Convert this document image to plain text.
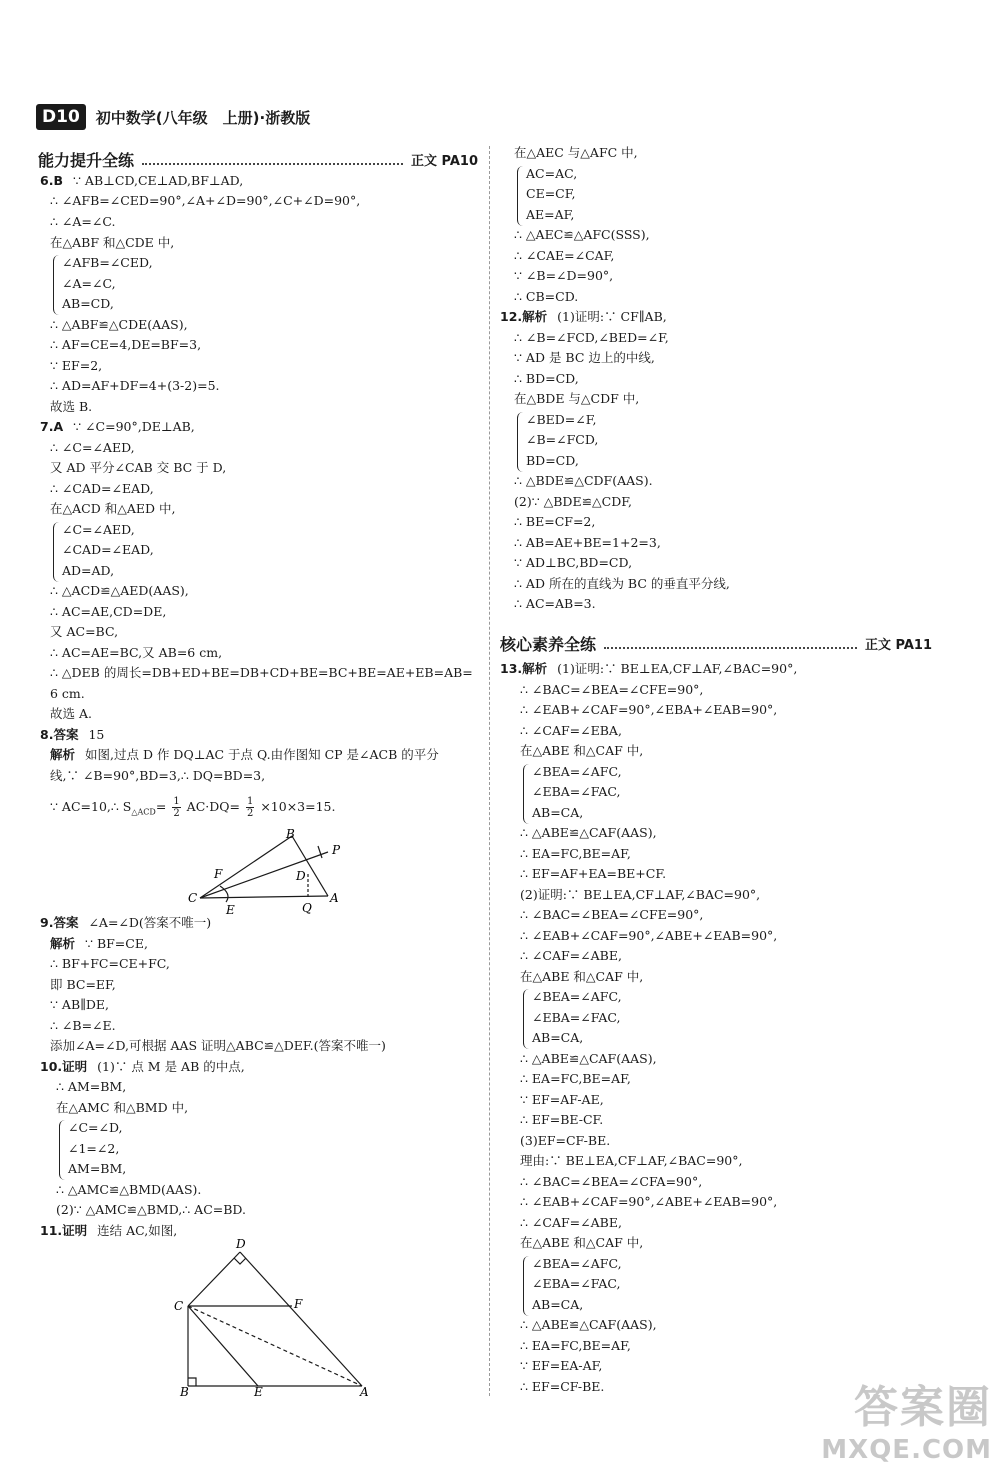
D10	初中数学(八年级　上册)·浙教版
能力提升全练	正文 PA10
核心素养全练	正文 PA11
6.B ∵ AB⊥CD,CE⊥AD,BF⊥AD,
∴ ∠AFB=∠CED=90°,∠A+∠D=90°,∠C+∠D=90°,
∴ ∠A=∠C.
在△ABF 和△CDE 中,
∠AFB=∠CED,
∠A=∠C,
AB=CD,
∴ △ABF≌△CDE(AAS),
∴ AF=CE=4,DE=BF=3,
∵ EF=2,
∴ AD=AF+DF=4+(3-2)=5.
故选 B.
7.A ∵ ∠C=90°,DE⊥AB,
∴ ∠C=∠AED,
又 AD 平分∠CAB 交 BC 于 D,
∴ ∠CAD=∠EAD,
在△ACD 和△AED 中,
∠C=∠AED,
∠CAD=∠EAD,
AD=AD,
∴ △ACD≌△AED(AAS),
∴ AC=AE,CD=DE,
又 AC=BC,
∴ AC=AE=BC,又 AB=6 cm,
∴ △DEB 的周长=DB+ED+BE=DB+CD+BE=BC+BE=AE+EB=AB=
6 cm.
故选 A.
8.答案 15
解析 如图,过点 D 作 DQ⊥AC 于点 Q.由作图知 CP 是∠ACB 的平分
线,∵ ∠B=90°,BD=3,∴ DQ=BD=3,
9.答案 ∠A=∠D(答案不唯一)
解析 ∵ BF=CE,
∴ BF+FC=CE+FC,
即 BC=EF,
∵ AB∥DE,
∴ ∠B=∠E.
添加∠A=∠D,可根据 AAS 证明△ABC≌△DEF.(答案不唯一)
10.证明 (1)∵ 点 M 是 AB 的中点,
∴ AM=BM,
在△AMC 和△BMD 中,
∠C=∠D,
∠1=∠2,
AM=BM,
∴ △AMC≌△BMD(AAS).
(2)∵ △AMC≌△BMD,∴ AC=BD.
11.证明 连结 AC,如图,
在△AEC 与△AFC 中,
AC=AC,
CE=CF,
AE=AF,
∴ △AEC≌△AFC(SSS),
∴ ∠CAE=∠CAF,
∵ ∠B=∠D=90°,
∴ CB=CD.
12.解析 (1)证明:∵ CF∥AB,
∴ ∠B=∠FCD,∠BED=∠F,
∵ AD 是 BC 边上的中线,
∴ BD=CD,
在△BDE 与△CDF 中,
∠BED=∠F,
∠B=∠FCD,
BD=CD,
∴ △BDE≌△CDF(AAS).
(2)∵ △BDE≌△CDF,
∴ BE=CF=2,
∴ AB=AE+BE=1+2=3,
∵ AD⊥BC,BD=CD,
∴ AD 所在的直线为 BC 的垂直平分线,
∴ AC=AB=3.
13.解析 (1)证明:∵ BE⊥EA,CF⊥AF,∠BAC=90°,
∴ ∠BAC=∠BEA=∠CFE=90°,
∴ ∠EAB+∠CAF=90°,∠EBA+∠EAB=90°,
∴ ∠CAF=∠EBA,
在△ABE 和△CAF 中,
∠BEA=∠AFC,
∠EBA=∠FAC,
AB=CA,
∴ △ABE≌△CAF(AAS),
∴ EA=FC,BE=AF,
∴ EF=AF+EA=BE+CF.
(2)证明:∵ BE⊥EA,CF⊥AF,∠BAC=90°,
∴ ∠BAC=∠BEA=∠CFE=90°,
∴ ∠EAB+∠CAF=90°,∠ABE+∠EAB=90°,
∴ ∠CAF=∠ABE,
在△ABE 和△CAF 中,
∠BEA=∠AFC,
∠EBA=∠FAC,
AB=CA,
∴ △ABE≌△CAF(AAS),
∴ EA=FC,BE=AF,
∵ EF=AF-AE,
∴ EF=BE-CF.
(3)EF=CF-BE.
理由:∵ BE⊥EA,CF⊥AF,∠BAC=90°,
∴ ∠BAC=∠BEA=∠CFA=90°,
∴ ∠EAB+∠CAF=90°,∠ABE+∠EAB=90°,
∴ ∠CAF=∠ABE,
在△ABE 和△CAF 中,
∠BEA=∠AFC,
∠EBA=∠FAC,
AB=CA,
∴ △ABE≌△CAF(AAS),
∴ EA=FC,BE=AF,
∵ EF=EA-AF,
∴ EF=CF-BE.
∵ AC=10,∴ $S_{\triangle ACD}= \frac{1}{2} AC\cdot DQ= \frac{1}{2} \times 10\times 3=15$.
B
F
P
D
C
E	Q
A
D
C	F
B	E	A	答案圈
MXQE.COM
